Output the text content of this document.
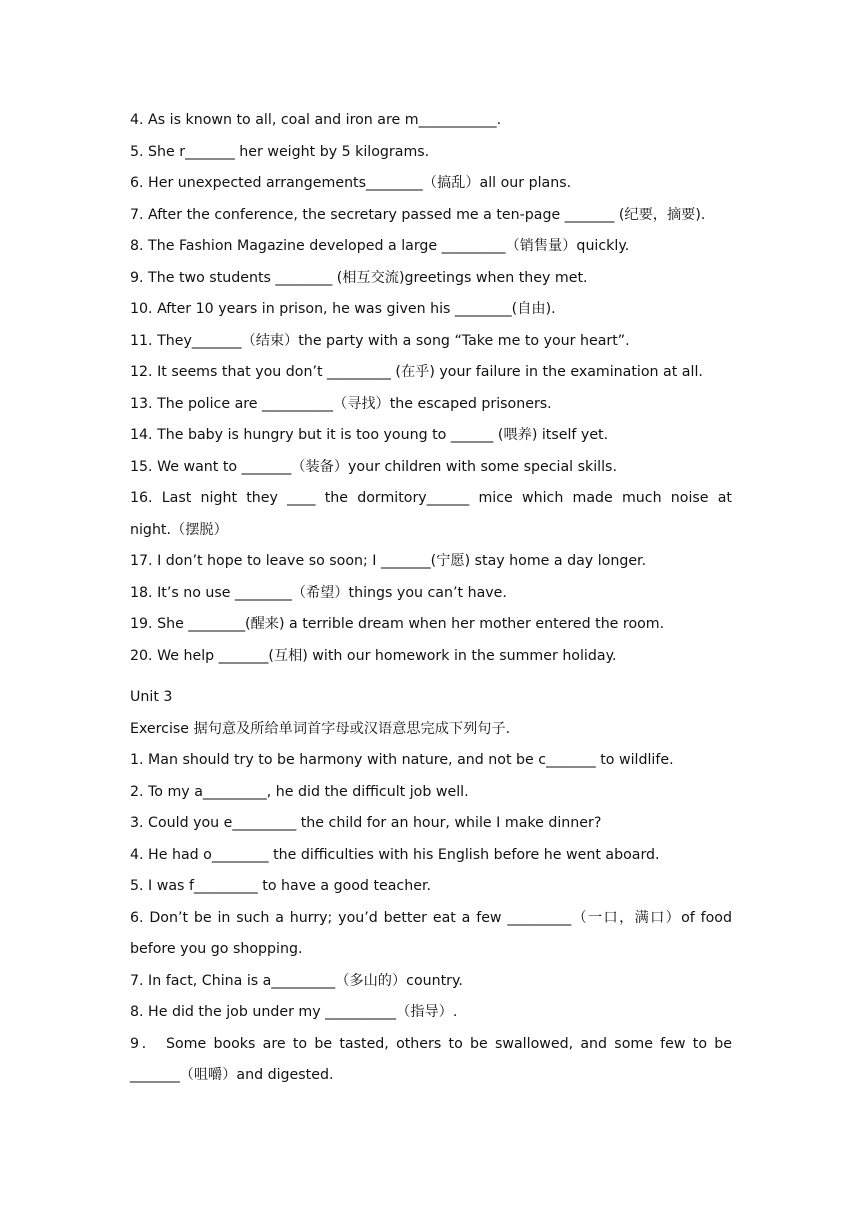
4. As is known to all, coal and iron are m___________.
5. She r_______ her weight by 5 kilograms.
6. Her unexpected arrangements________（搞乱）all our plans.
7. After the conference, the secretary passed me a ten-page _______ (纪要，摘要).
8. The Fashion Magazine developed a large _________（销售量）quickly.
9. The two students ________ (相互交流)greetings when they met.
10. After 10 years in prison, he was given his ________(自由).
11. They_______（结束）the party with a song “Take me to your heart”.
12. It seems that you don’t _________ (在乎) your failure in the examination at all.
13. The police are __________（寻找）the escaped prisoners.
14. The baby is hungry but it is too young to ______ (喂养) itself yet.
15. We want to _______（装备）your children with some special skills.
16. Last night they ____ the dormitory______ mice which made much noise at
night.（摆脱）
17. I don’t hope to leave so soon; I _______(宁愿) stay home a day longer.
18. It’s no use ________（希望）things you can’t have.
19. She ________(醒来) a terrible dream when her mother entered the room.
20. We help _______(互相) with our homework in the summer holiday.
Unit 3
Exercise 据句意及所给单词首字母或汉语意思完成下列句子.
1. Man should try to be harmony with nature, and not be c_______ to wildlife.
2. To my a_________, he did the difficult job well.
3. Could you e_________ the child for an hour, while I make dinner?
4. He had o________ the difficulties with his English before he went aboard.
5. I was f_________ to have a good teacher.
6. Don’t be in such a hurry; you’d better eat a few _________（一口，满口）of food
before you go shopping.
7. In fact, China is a_________（多山的）country.
8. He did the job under my __________（指导）.
9． Some books are to be tasted, others to be swallowed, and some few to be
_______（咀嚼）and digested.
